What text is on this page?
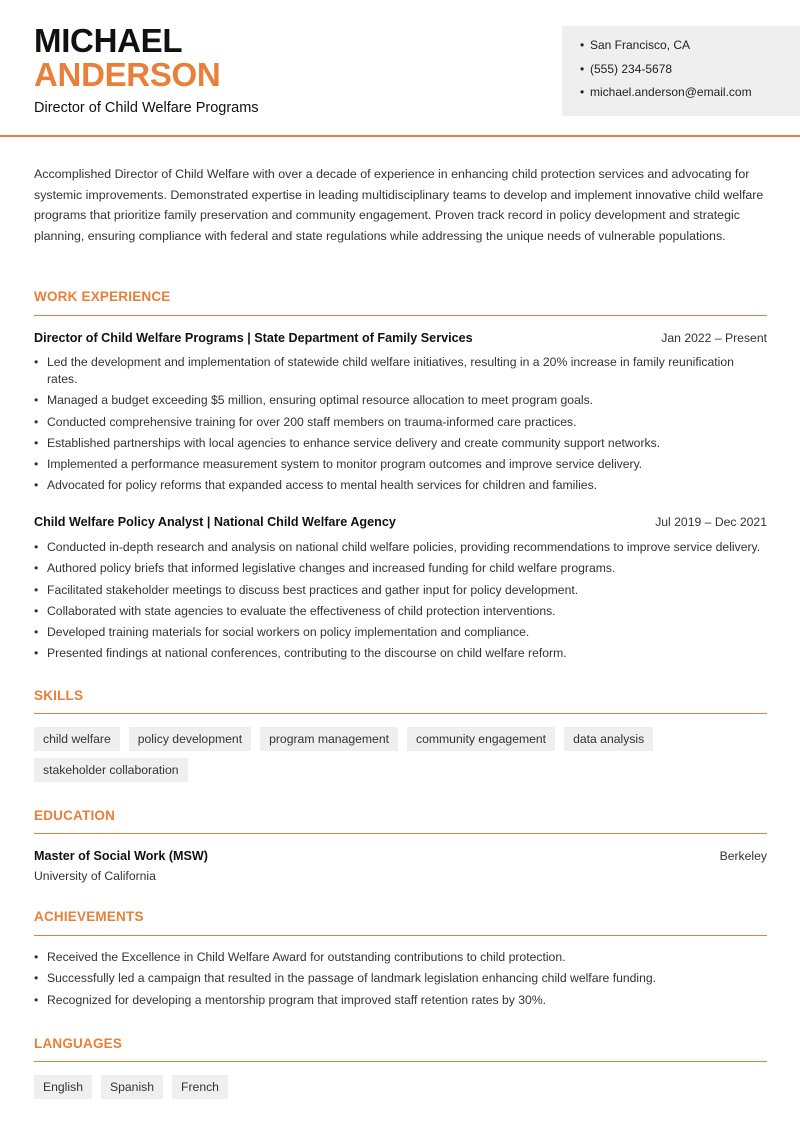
MICHAEL
ANDERSON
Director of Child Welfare Programs
• San Francisco, CA
• (555) 234-5678
• michael.anderson@email.com
Accomplished Director of Child Welfare with over a decade of experience in enhancing child protection services and advocating for systemic improvements. Demonstrated expertise in leading multidisciplinary teams to develop and implement innovative child welfare programs that prioritize family preservation and community engagement. Proven track record in policy development and strategic planning, ensuring compliance with federal and state regulations while addressing the unique needs of vulnerable populations.
WORK EXPERIENCE
Director of Child Welfare Programs | State Department of Family Services	Jan 2022 – Present
• Led the development and implementation of statewide child welfare initiatives, resulting in a 20% increase in family reunification rates.
• Managed a budget exceeding $5 million, ensuring optimal resource allocation to meet program goals.
• Conducted comprehensive training for over 200 staff members on trauma-informed care practices.
• Established partnerships with local agencies to enhance service delivery and create community support networks.
• Implemented a performance measurement system to monitor program outcomes and improve service delivery.
• Advocated for policy reforms that expanded access to mental health services for children and families.
Child Welfare Policy Analyst | National Child Welfare Agency	Jul 2019 – Dec 2021
• Conducted in-depth research and analysis on national child welfare policies, providing recommendations to improve service delivery.
• Authored policy briefs that informed legislative changes and increased funding for child welfare programs.
• Facilitated stakeholder meetings to discuss best practices and gather input for policy development.
• Collaborated with state agencies to evaluate the effectiveness of child protection interventions.
• Developed training materials for social workers on policy implementation and compliance.
• Presented findings at national conferences, contributing to the discourse on child welfare reform.
SKILLS
child welfare	policy development	program management	community engagement	data analysis
stakeholder collaboration
EDUCATION
Master of Social Work (MSW)	Berkeley
University of California
ACHIEVEMENTS
• Received the Excellence in Child Welfare Award for outstanding contributions to child protection.
• Successfully led a campaign that resulted in the passage of landmark legislation enhancing child welfare funding.
• Recognized for developing a mentorship program that improved staff retention rates by 30%.
LANGUAGES
English	Spanish	French
